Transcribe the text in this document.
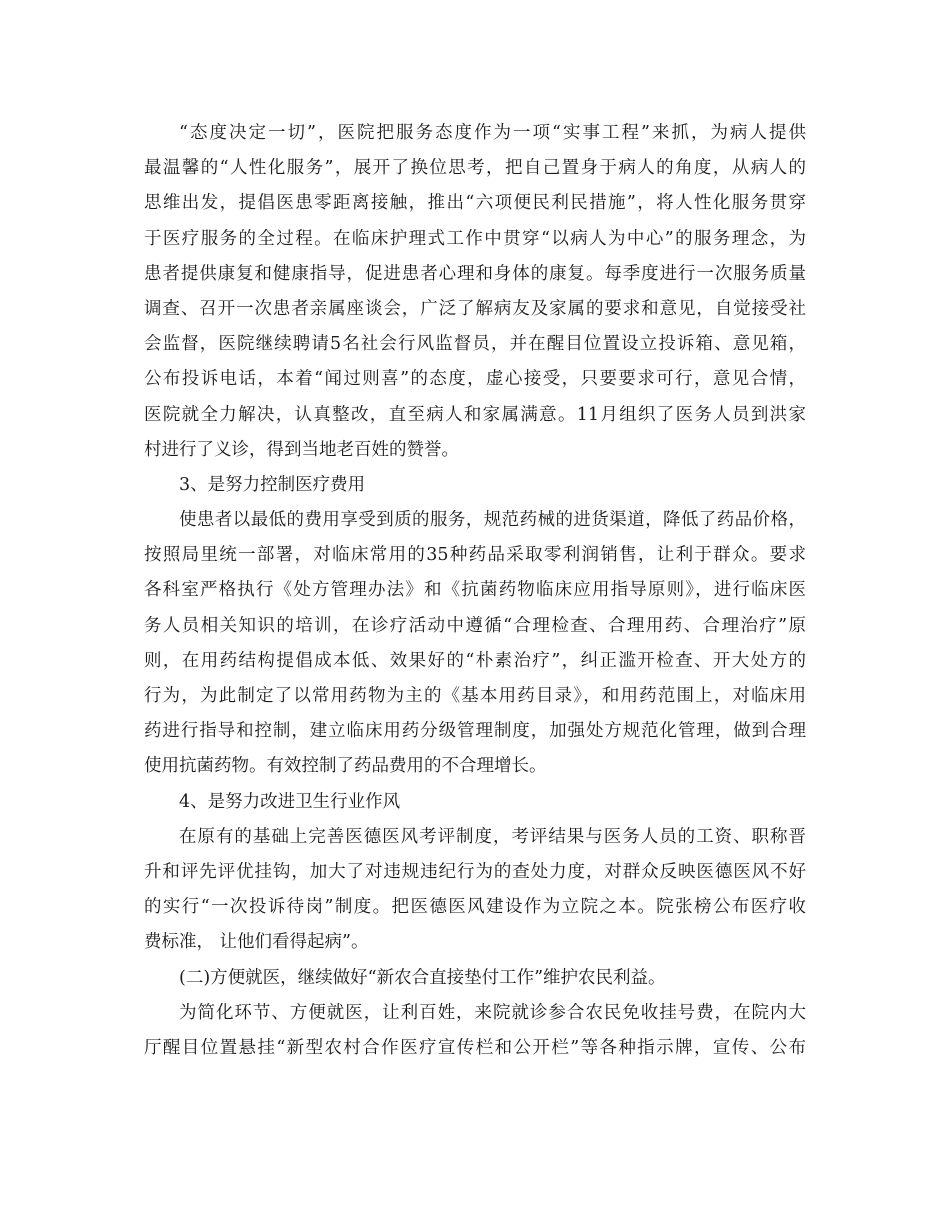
“态度决定一切”，医院把服务态度作为一项“实事工程”来抓，为病人提供
最温馨的“人性化服务”，展开了换位思考，把自己置身于病人的角度，从病人的
思维出发，提倡医患零距离接触，推出“六项便民利民措施”，将人性化服务贯穿
于医疗服务的全过程。在临床护理式工作中贯穿“以病人为中心”的服务理念，为
患者提供康复和健康指导，促进患者心理和身体的康复。每季度进行一次服务质量
调查、召开一次患者亲属座谈会，广泛了解病友及家属的要求和意见，自觉接受社
会监督，医院继续聘请5名社会行风监督员，并在醒目位置设立投诉箱、意见箱，
公布投诉电话，本着“闻过则喜”的态度，虚心接受，只要要求可行，意见合情，
医院就全力解决，认真整改，直至病人和家属满意。11月组织了医务人员到洪家
村进行了义诊，得到当地老百姓的赞誉。
3、是努力控制医疗费用
使患者以最低的费用享受到质的服务，规范药械的进货渠道，降低了药品价格，
按照局里统一部署，对临床常用的35种药品采取零利润销售，让利于群众。要求
各科室严格执行《处方管理办法》和《抗菌药物临床应用指导原则》，进行临床医
务人员相关知识的培训，在诊疗活动中遵循“合理检查、合理用药、合理治疗”原
则，在用药结构提倡成本低、效果好的“朴素治疗”，纠正滥开检查、开大处方的
行为，为此制定了以常用药物为主的《基本用药目录》，和用药范围上，对临床用
药进行指导和控制，建立临床用药分级管理制度，加强处方规范化管理，做到合理
使用抗菌药物。有效控制了药品费用的不合理增长。
4、是努力改进卫生行业作风
在原有的基础上完善医德医风考评制度，考评结果与医务人员的工资、职称晋
升和评先评优挂钩，加大了对违规违纪行为的查处力度，对群众反映医德医风不好
的实行“一次投诉待岗”制度。把医德医风建设作为立院之本。院张榜公布医疗收
费标准， 让他们看得起病”。
(二)方便就医，继续做好“新农合直接垫付工作”维护农民利益。
为简化环节、方便就医，让利百姓，来院就诊参合农民免收挂号费，在院内大
厅醒目位置悬挂“新型农村合作医疗宣传栏和公开栏”等各种指示牌，宣传、公布
